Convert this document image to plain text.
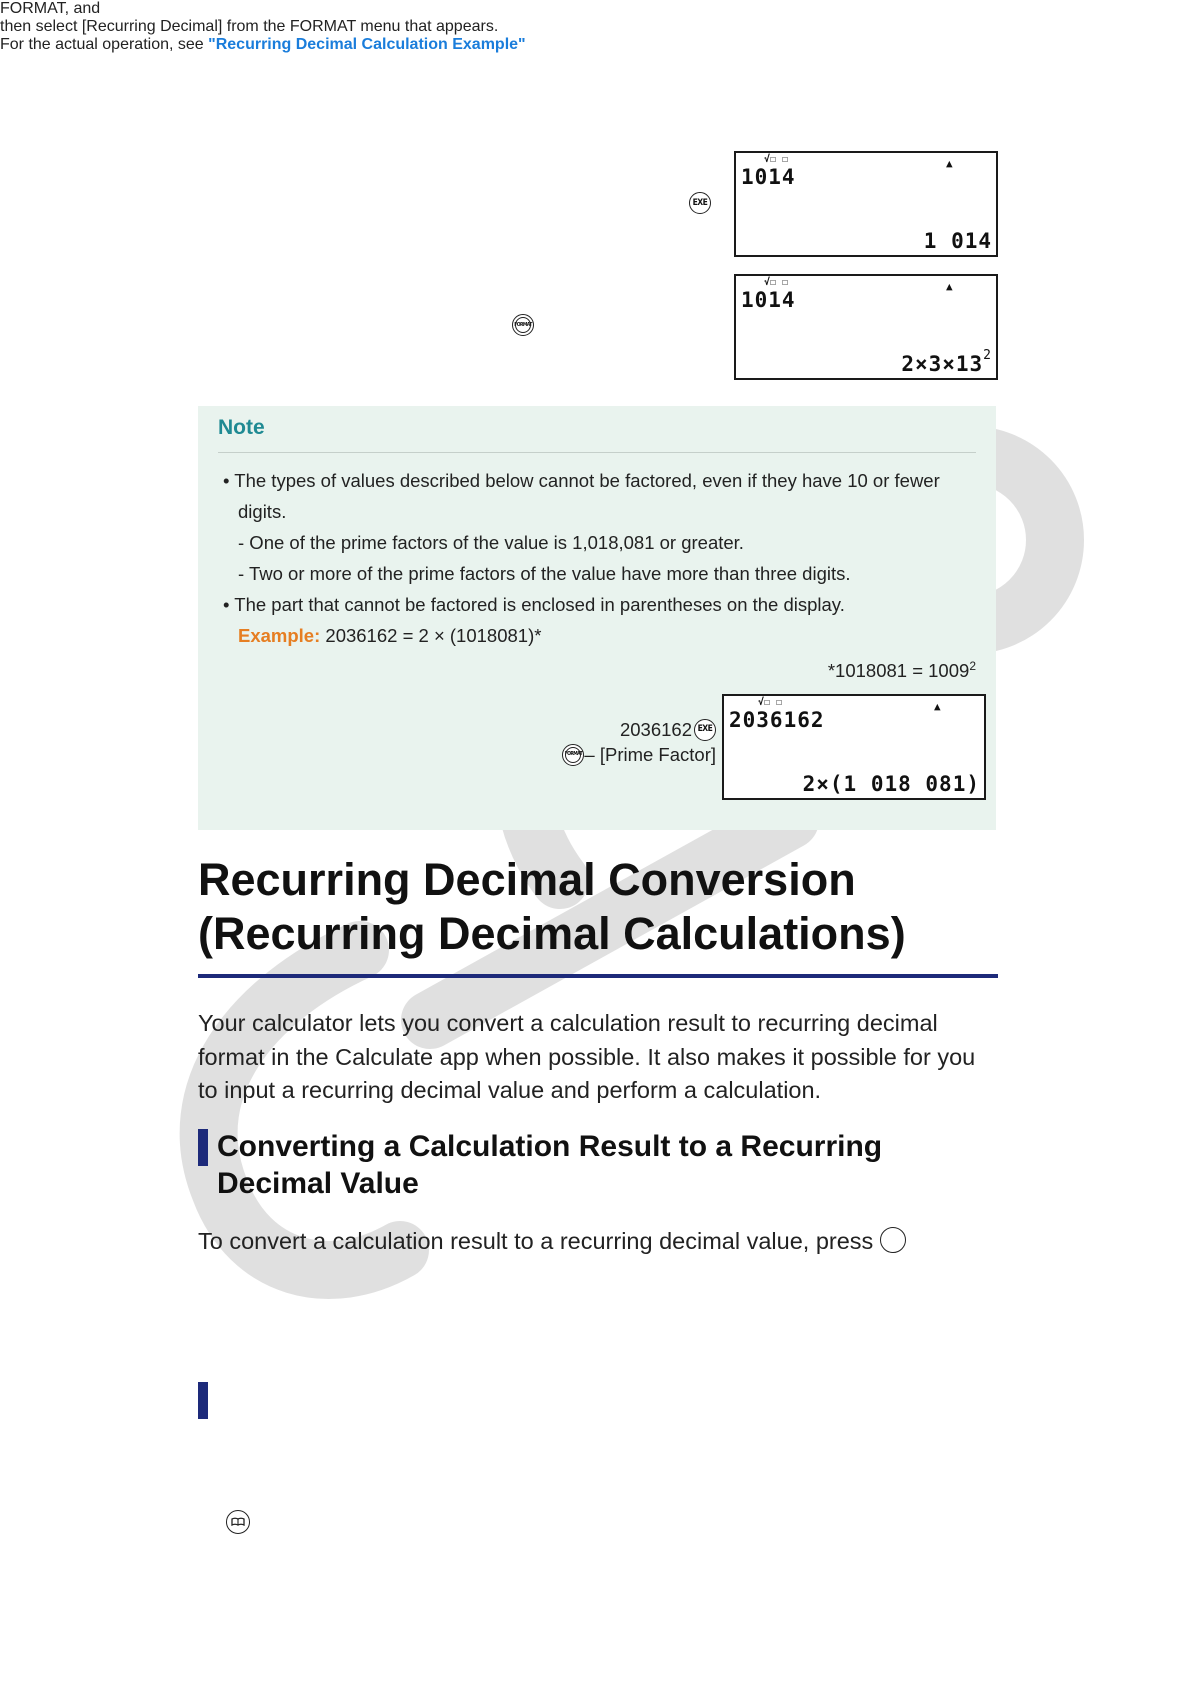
EXE
√☐ ☐	▲
1014
1 014
FORMAT
√☐ ☐	▲
1014
$2\times 3\times 13^2$
Note
• The types of values described below cannot be factored, even if they have 10 or fewer
digits.
- One of the prime factors of the value is 1,018,081 or greater.
- Two or more of the prime factors of the value have more than three digits.
• The part that cannot be factored is enclosed in parentheses on the display.
Example: 2036162 = 2 × (1018081)*
$*1018081 = 1009^2$
2036162 EXE
FORMAT – [Prime Factor]
√☐ ☐	▲
2036162
2×(1 018 081)
Recurring Decimal Conversion
(Recurring Decimal Calculations)

Your calculator lets you convert a calculation result to recurring decimal
format in the Calculate app when possible. It also makes it possible for you
to input a recurring decimal value and perform a calculation.

Converting a Calculation Result to a Recurring
Decimal Value

To convert a calculation result to a recurring decimal value, press

FORMAT, and
then select [Recurring Decimal] from the FORMAT menu that appears.
For the actual operation, see "Recurring Decimal Calculation Example"
